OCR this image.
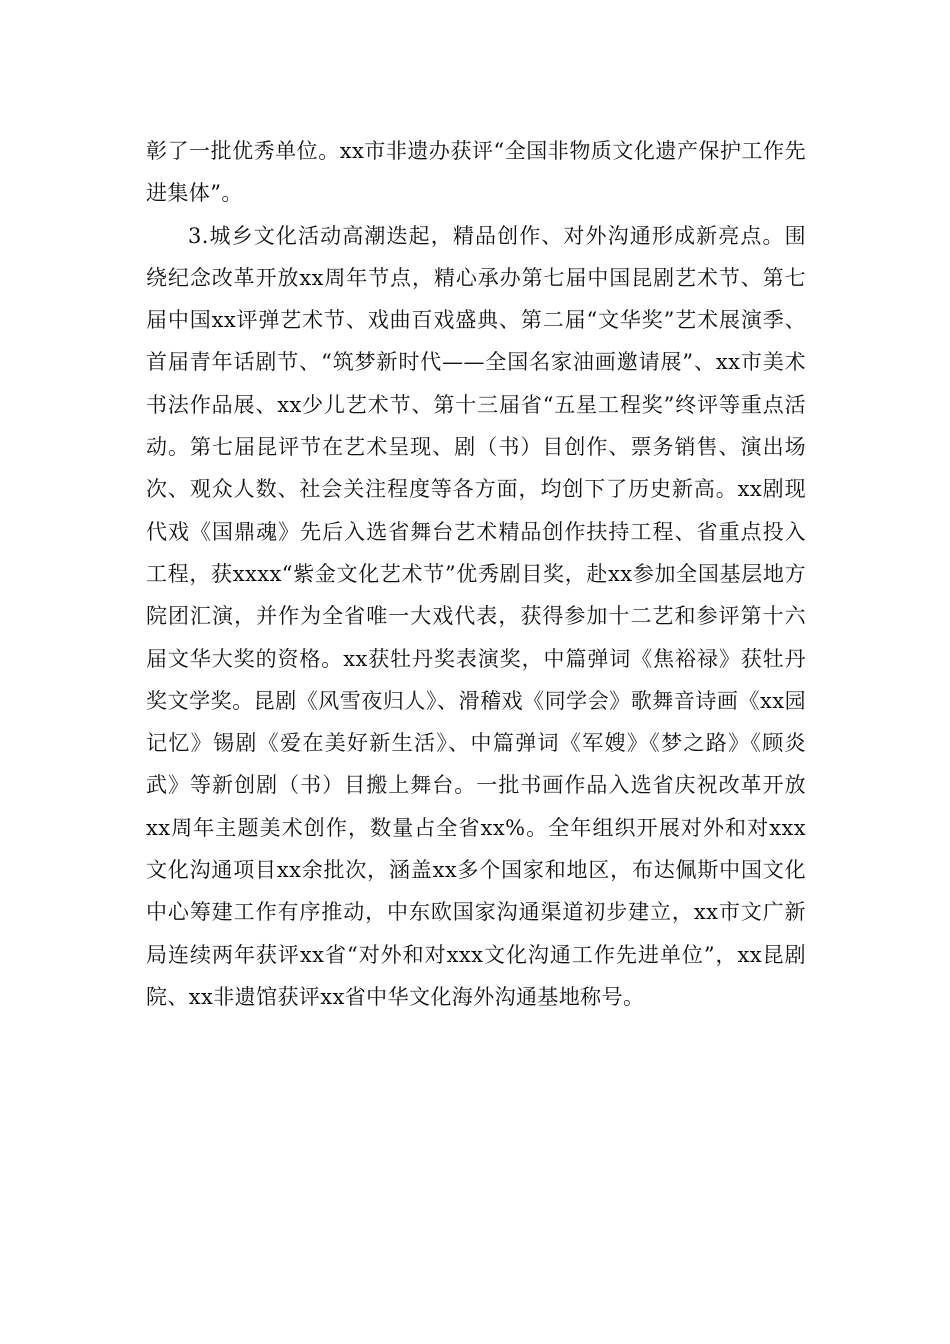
彰了一批优秀单位。xx市非遗办获评“全国非物质文化遗产保护工作先进集体”。

3.城乡文化活动高潮迭起，精品创作、对外沟通形成新亮点。围绕纪念改革开放xx周年节点，精心承办第七届中国昆剧艺术节、第七届中国xx评弹艺术节、戏曲百戏盛典、第二届“文华奖”艺术展演季、首届青年话剧节、“筑梦新时代——全国名家油画邀请展”、xx市美术书法作品展、xx少儿艺术节、第十三届省“五星工程奖”终评等重点活动。第七届昆评节在艺术呈现、剧（书）目创作、票务销售、演出场次、观众人数、社会关注程度等各方面，均创下了历史新高。xx剧现代戏《国鼎魂》先后入选省舞台艺术精品创作扶持工程、省重点投入工程，获xxxx“紫金文化艺术节”优秀剧目奖，赴xx参加全国基层地方院团汇演，并作为全省唯一大戏代表，获得参加十二艺和参评第十六届文华大奖的资格。xx获牡丹奖表演奖，中篇弹词《焦裕禄》获牡丹奖文学奖。昆剧《风雪夜归人》、滑稽戏《同学会》歌舞音诗画《xx园记忆》锡剧《爱在美好新生活》、中篇弹词《军嫂》《梦之路》《顾炎武》等新创剧（书）目搬上舞台。一批书画作品入选省庆祝改革开放xx周年主题美术创作，数量占全省xx%。全年组织开展对外和对xxx文化沟通项目xx余批次，涵盖xx多个国家和地区，布达佩斯中国文化中心筹建工作有序推动，中东欧国家沟通渠道初步建立，xx市文广新局连续两年获评xx省“对外和对xxx文化沟通工作先进单位”，xx昆剧院、xx非遗馆获评xx省中华文化海外沟通基地称号。
